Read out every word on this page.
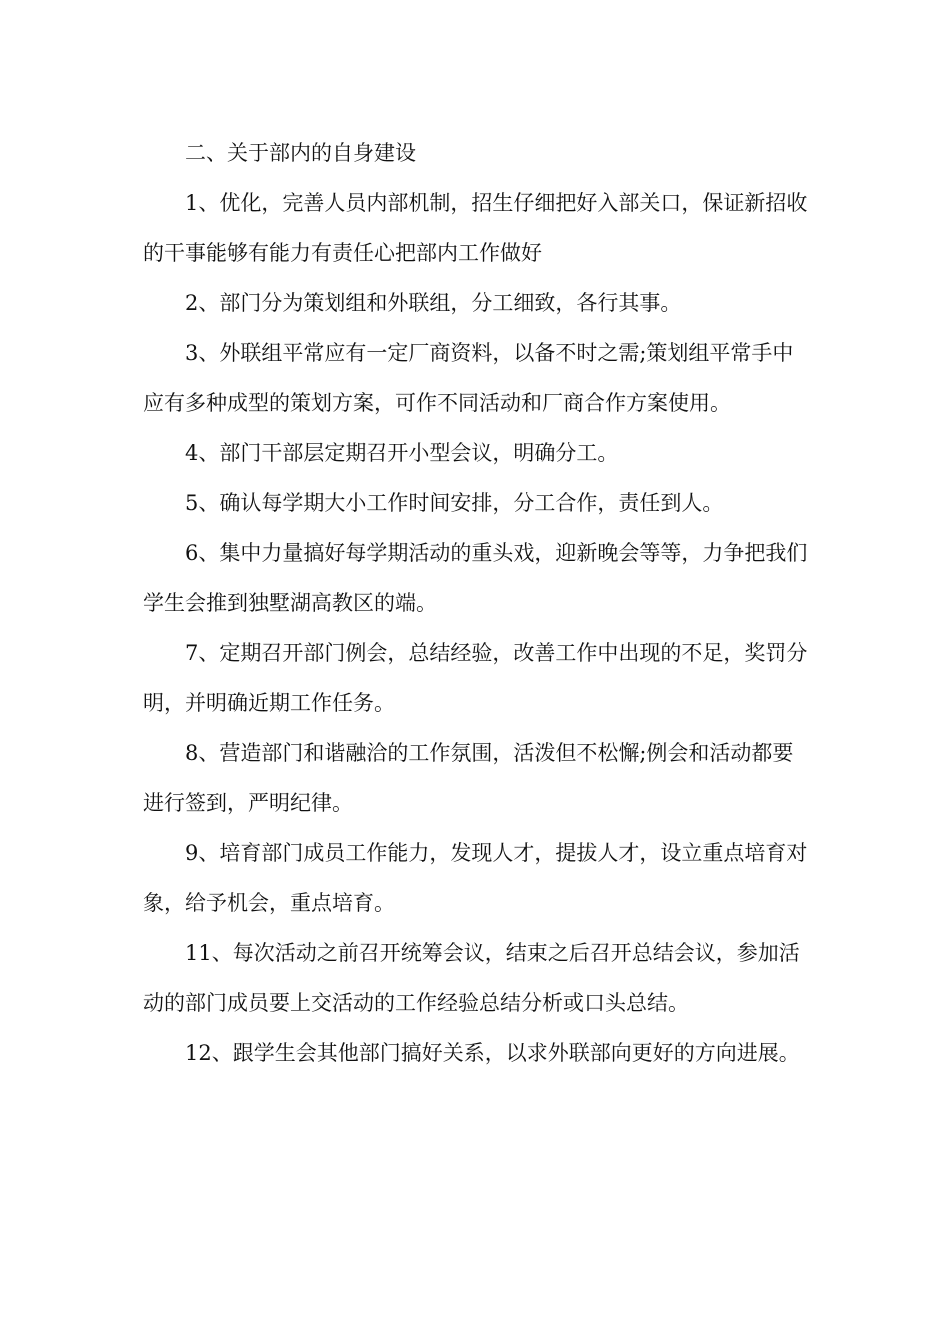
二、关于部内的自身建设

1、优化，完善人员内部机制，招生仔细把好入部关口，保证新招收的干事能够有能力有责任心把部内工作做好

2、部门分为策划组和外联组，分工细致，各行其事。

3、外联组平常应有一定厂商资料，以备不时之需;策划组平常手中应有多种成型的策划方案，可作不同活动和厂商合作方案使用。

4、部门干部层定期召开小型会议，明确分工。

5、确认每学期大小工作时间安排，分工合作，责任到人。

6、集中力量搞好每学期活动的重头戏，迎新晚会等等，力争把我们学生会推到独墅湖高教区的端。

7、定期召开部门例会，总结经验，改善工作中出现的不足，奖罚分明，并明确近期工作任务。

8、营造部门和谐融洽的工作氛围，活泼但不松懈;例会和活动都要进行签到，严明纪律。

9、培育部门成员工作能力，发现人才，提拔人才，设立重点培育对象，给予机会，重点培育。

11、每次活动之前召开统筹会议，结束之后召开总结会议，参加活动的部门成员要上交活动的工作经验总结分析或口头总结。

12、跟学生会其他部门搞好关系，以求外联部向更好的方向进展。
